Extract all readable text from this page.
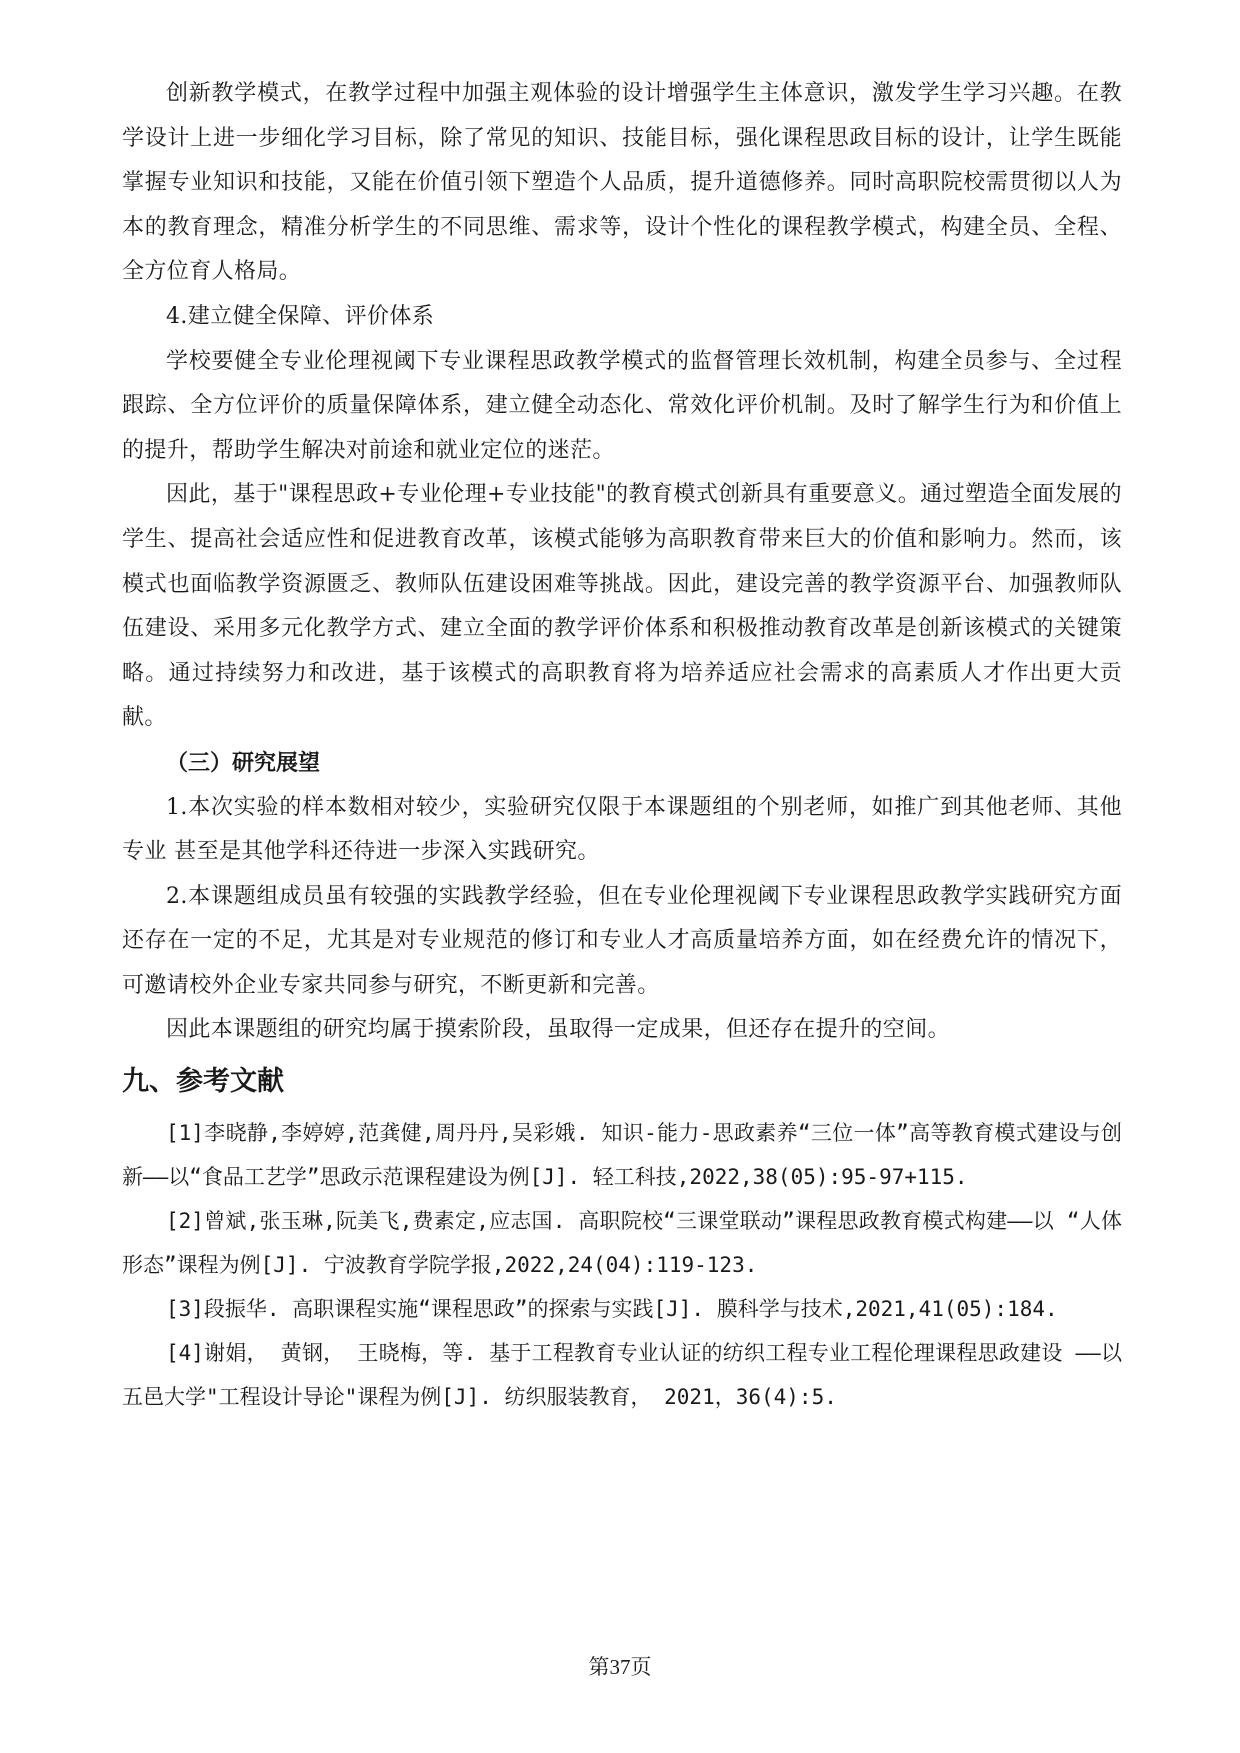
创新教学模式，在教学过程中加强主观体验的设计增强学生主体意识，激发学生学习兴趣。在教学设计上进一步细化学习目标，除了常见的知识、技能目标，强化课程思政目标的设计，让学生既能掌握专业知识和技能，又能在价值引领下塑造个人品质，提升道德修养。同时高职院校需贯彻以人为本的教育理念，精准分析学生的不同思维、需求等，设计个性化的课程教学模式，构建全员、全程、全方位育人格局。

4.建立健全保障、评价体系

学校要健全专业伦理视阈下专业课程思政教学模式的监督管理长效机制，构建全员参与、全过程跟踪、全方位评价的质量保障体系，建立健全动态化、常效化评价机制。及时了解学生行为和价值上的提升，帮助学生解决对前途和就业定位的迷茫。

因此，基于"课程思政+专业伦理+专业技能"的教育模式创新具有重要意义。通过塑造全面发展的学生、提高社会适应性和促进教育改革，该模式能够为高职教育带来巨大的价值和影响力。然而，该模式也面临教学资源匮乏、教师队伍建设困难等挑战。因此，建设完善的教学资源平台、加强教师队伍建设、采用多元化教学方式、建立全面的教学评价体系和积极推动教育改革是创新该模式的关键策略。通过持续努力和改进，基于该模式的高职教育将为培养适应社会需求的高素质人才作出更大贡献。

（三）研究展望

1.本次实验的样本数相对较少，实验研究仅限于本课题组的个别老师，如推广到其他老师、其他专业 甚至是其他学科还待进一步深入实践研究。

2.本课题组成员虽有较强的实践教学经验，但在专业伦理视阈下专业课程思政教学实践研究方面还存在一定的不足，尤其是对专业规范的修订和专业人才高质量培养方面，如在经费允许的情况下，可邀请校外企业专家共同参与研究，不断更新和完善。

因此本课题组的研究均属于摸索阶段，虽取得一定成果，但还存在提升的空间。

九、参考文献

[1]李晓静,李婷婷,范龚健,周丹丹,吴彩娥. 知识-能力-思政素养“三位一体”高等教育模式建设与创新——以“食品工艺学”思政示范课程建设为例[J]. 轻工科技,2022,38(05):95-97+115.

[2]曾斌,张玉琳,阮美飞,费素定,应志国. 高职院校“三课堂联动”课程思政教育模式构建——以 “人体形态”课程为例[J]. 宁波教育学院学报,2022,24(04):119-123.

[3]段振华. 高职课程实施“课程思政”的探索与实践[J]. 膜科学与技术,2021,41(05):184.

[4]谢娟， 黄钢， 王晓梅，等. 基于工程教育专业认证的纺织工程专业工程伦理课程思政建设 ——以五邑大学"工程设计导论"课程为例[J]. 纺织服装教育， 2021，36(4):5.

第37页
